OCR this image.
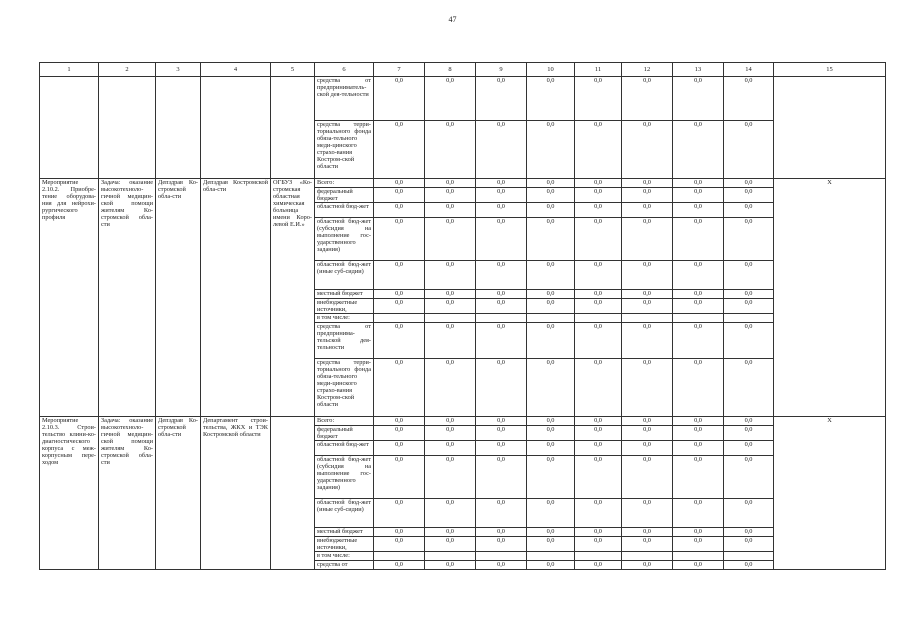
47
1	2	3	4	5	6	7	8	9	10	11	12	13	14	15
					средства от предприниматель-ской дея-тельности	0,0	0,0	0,0	0,0	0,0	0,0	0,0	0,0	
					средства терри-ториального фонда обяза-тельного меди-цинского страхо-вания Костром-ской области	0,0	0,0	0,0	0,0	0,0	0,0	0,0	0,0	
Мероприятие 2.10.2. Приобре-тение оборудова-ния для нейрохи-рургического профиля	Задача: оказание высокотехноло-гичной медицин-ской помощи жителям Ко-стромской обла-сти	Депздрав Ко-стромской обла-сти	Депздрав Костромской обла-сти	ОГБУЗ «Ко-стромская областная химическая больница имени Коро-левой Е.И.»	Всего:	0,0	0,0	0,0	0,0	0,0	0,0	0,0	0,0	X
					федеральный бюджет	0,0	0,0	0,0	0,0	0,0	0,0	0,0	0,0	
					областной бюд-жет	0,0	0,0	0,0	0,0	0,0	0,0	0,0	0,0	
					областной бюд-жет (субсидия на выполнение гос-ударственного задания)	0,0	0,0	0,0	0,0	0,0	0,0	0,0	0,0	
					областной бюд-жет (иные суб-сидии)	0,0	0,0	0,0	0,0	0,0	0,0	0,0	0,0	
					местный бюджет	0,0	0,0	0,0	0,0	0,0	0,0	0,0	0,0	
					внебюджетные источники,	0,0	0,0	0,0	0,0	0,0	0,0	0,0	0,0	
					в том числе:									
					средства от предпринима-тельской дея-тельности	0,0	0,0	0,0	0,0	0,0	0,0	0,0	0,0	
					средства терри-ториального фонда обяза-тельного меди-цинского страхо-вания Костром-ской области	0,0	0,0	0,0	0,0	0,0	0,0	0,0	0,0	
Мероприятие 2.10.3. Строи-тельство клини-ко-диагностического корпуса с меж-корпусным пере-ходом	Задача: оказание высокотехноло-гичной медицин-ской помощи жителям Ко-стромской обла-сти	Депздрав Ко-стромской обла-сти	Департамент строи-тельства, ЖКХ и ТЭК Костромской области		Всего:	0,0	0,0	0,0	0,0	0,0	0,0	0,0	0,0	X
					федеральный бюджет	0,0	0,0	0,0	0,0	0,0	0,0	0,0	0,0	
					областной бюд-жет	0,0	0,0	0,0	0,0	0,0	0,0	0,0	0,0	
					областной бюд-жет (субсидия на выполнение гос-ударственного задания)	0,0	0,0	0,0	0,0	0,0	0,0	0,0	0,0	
					областной бюд-жет (иные суб-сидии)	0,0	0,0	0,0	0,0	0,0	0,0	0,0	0,0	
					местный бюджет	0,0	0,0	0,0	0,0	0,0	0,0	0,0	0,0	
					внебюджетные источники,	0,0	0,0	0,0	0,0	0,0	0,0	0,0	0,0	
					в том числе:									
					средства от	0,0	0,0	0,0	0,0	0,0	0,0	0,0	0,0	
